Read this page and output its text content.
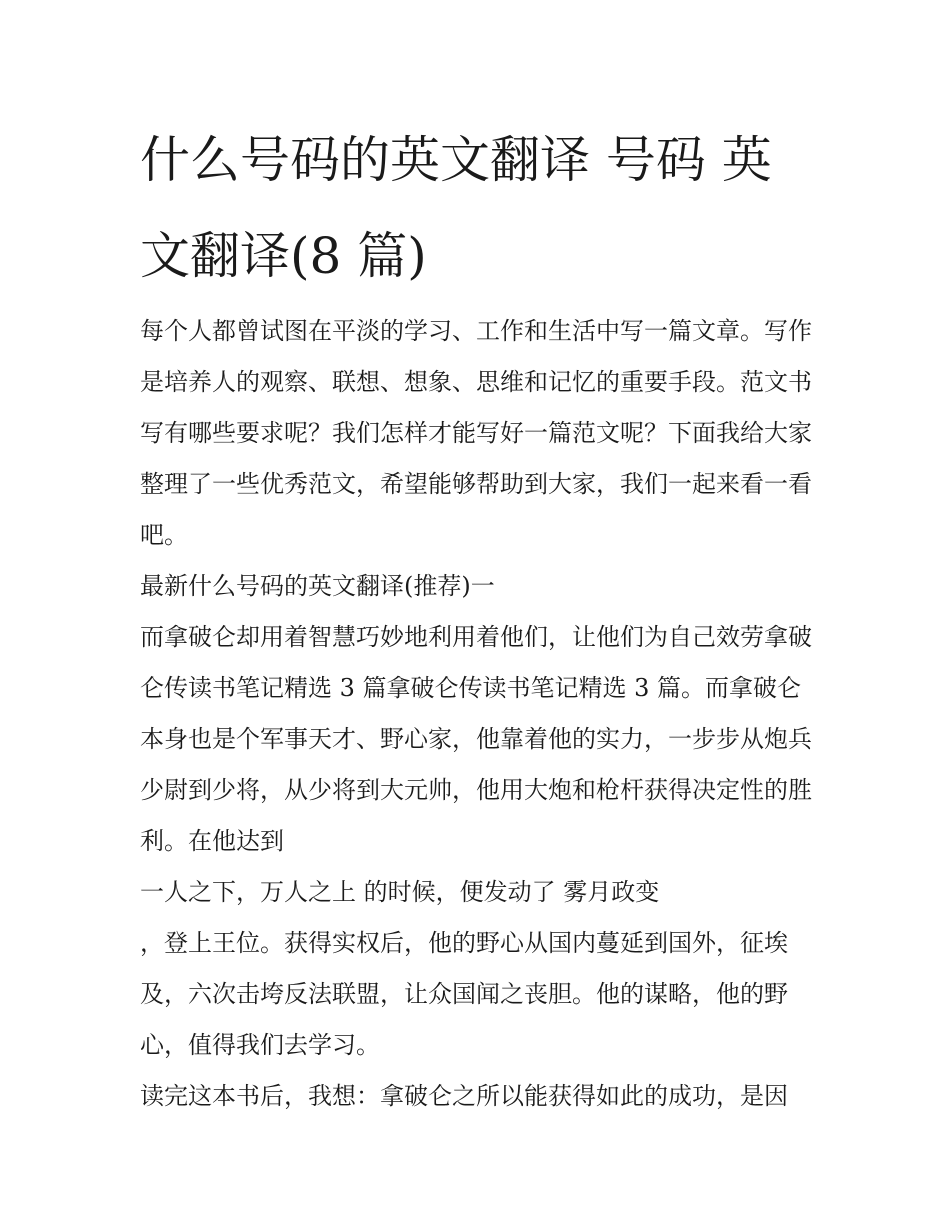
什么号码的英文翻译 号码 英
文翻译(8 篇)

每个人都曾试图在平淡的学习、工作和生活中写一篇文章。写作是培养人的观察、联想、想象、思维和记忆的重要手段。范文书写有哪些要求呢？我们怎样才能写好一篇范文呢？下面我给大家整理了一些优秀范文，希望能够帮助到大家，我们一起来看一看吧。

最新什么号码的英文翻译(推荐)一

而拿破仑却用着智慧巧妙地利用着他们，让他们为自己效劳拿破仑传读书笔记精选 3 篇拿破仑传读书笔记精选 3 篇。而拿破仑本身也是个军事天才、野心家，他靠着他的实力，一步步从炮兵少尉到少将，从少将到大元帅，他用大炮和枪杆获得决定性的胜利。在他达到

一人之下，万人之上 的时候，便发动了 雾月政变

，登上王位。获得实权后，他的野心从国内蔓延到国外，征埃及，六次击垮反法联盟，让众国闻之丧胆。他的谋略，他的野心，值得我们去学习。

读完这本书后，我想：拿破仑之所以能获得如此的成功，是因
